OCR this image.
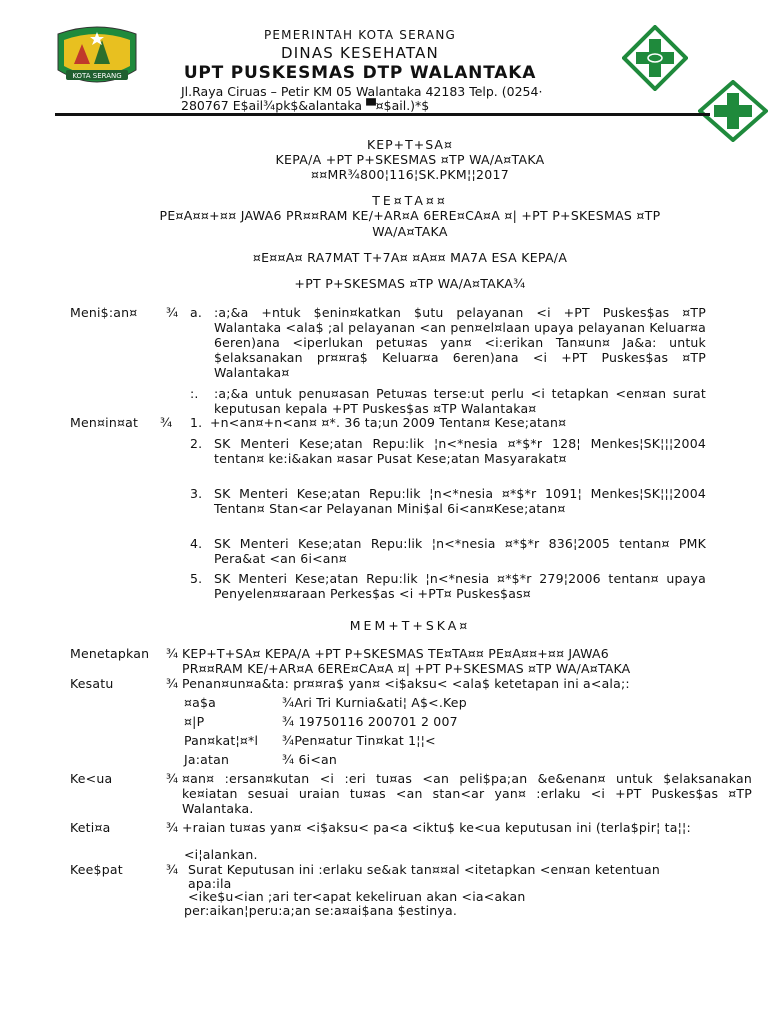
KOTA SERANG
PEMERINTAH KOTA SERANG
DINAS KESEHATAN
UPT PUSKESMAS DTP WALANTAKA
Jl.Raya Ciruas – Petir KM 05 Walantaka 42183 Telp. (0254·
280767 E$ail¾pk$&alantaka ▀¤$ail.)*$
KEP+T+SA¤
KEPA/A +PT P+SKESMAS ¤TP WA/A¤TAKA
¤¤MR¾800¦116¦SK.PKM¦¦2017
TE¤TA¤¤
PE¤A¤¤+¤¤ JAWA6 PR¤¤RAM KE/+AR¤A 6ERE¤CA¤A ¤| +PT P+SKESMAS ¤TP
WA/A¤TAKA
¤E¤¤A¤ RA7MAT T+7A¤ ¤A¤¤ MA7A ESA KEPA/A
+PT P+SKESMAS ¤TP WA/A¤TAKA¾
Meni$:an¤ ¾ a. :a;&a +ntuk $enin¤katkan $utu pelayanan <i +PT Puskes$as ¤TP Walantaka <ala$ ;al pelayanan <an pen¤el¤laan upaya pelayanan Keluar¤a 6eren)ana <iperlukan petu¤as yan¤ <i:erikan Tan¤un¤ Ja&a: untuk $elaksanakan pr¤¤ra$ Keluar¤a 6eren)ana <i +PT Puskes$as ¤TP Walantaka¤
:. :a;&a untuk penu¤asan Petu¤as terse:ut perlu <i tetapkan <en¤an surat keputusan kepala +PT Puskes$as ¤TP Walantaka¤
Men¤in¤at ¾ 1. +n<an¤+n<an¤ ¤*. 36 ta;un 2009 Tentan¤ Kese;atan¤
2. SK Menteri Kese;atan Repu:lik ¦n<*nesia ¤*$*r 128¦ Menkes¦SK¦¦¦2004 tentan¤ ke:i&akan ¤asar Pusat Kese;atan Masyarakat¤
3. SK Menteri Kese;atan Repu:lik ¦n<*nesia ¤*$*r 1091¦ Menkes¦SK¦¦¦2004 Tentan¤ Stan<ar Pelayanan Mini$al 6i<an¤Kese;atan¤
4. SK Menteri Kese;atan Repu:lik ¦n<*nesia ¤*$*r 836¦2005 tentan¤ PMK Pera&at <an 6i<an¤
5. SK Menteri Kese;atan Repu:lik ¦n<*nesia ¤*$*r 279¦2006 tentan¤ upaya Penyelen¤¤araan Perkes$as <i +PT¤ Puskes$as¤
MEM+T+SKA¤
Menetapkan ¾ KEP+T+SA¤ KEPA/A +PT P+SKESMAS TE¤TA¤¤ PE¤A¤¤+¤¤ JAWA6
PR¤¤RAM KE/+AR¤A 6ERE¤CA¤A ¤| +PT P+SKESMAS ¤TP WA/A¤TAKA
Kesatu	¾ Penan¤un¤a&ta: pr¤¤ra$ yan¤ <i$aksu< <ala$ ketetapan ini a<ala;:
¤a$a	¾Ari Tri Kurnia&ati¦ A$<.Kep
¤|P	¾ 19750116 200701 2 007
Pan¤kat¦¤*l ¾Pen¤atur Tin¤kat 1¦¦<
Ja:atan	¾ 6i<an
Ke<ua	¾ ¤an¤ :ersan¤kutan <i :eri tu¤as <an peli$pa;an &e&enan¤ untuk $elaksanakan ke¤iatan sesuai uraian tu¤as <an stan<ar yan¤ :erlaku <i +PT Puskes$as ¤TP Walantaka.
Keti¤a	¾ +raian tu¤as yan¤ <i$aksu< pa<a <iktu$ ke<ua keputusan ini (terla$pir¦ ta¦¦:
<i¦alankan.
Kee$pat	¾ Surat Keputusan ini :erlaku se&ak tan¤¤al <itetapkan <en¤an ketentuan
apa:ila
<ike$u<ian ;ari ter<apat kekeliruan akan <ia<akan
per:aikan¦peru:a;an se:a¤ai$ana $estinya.
